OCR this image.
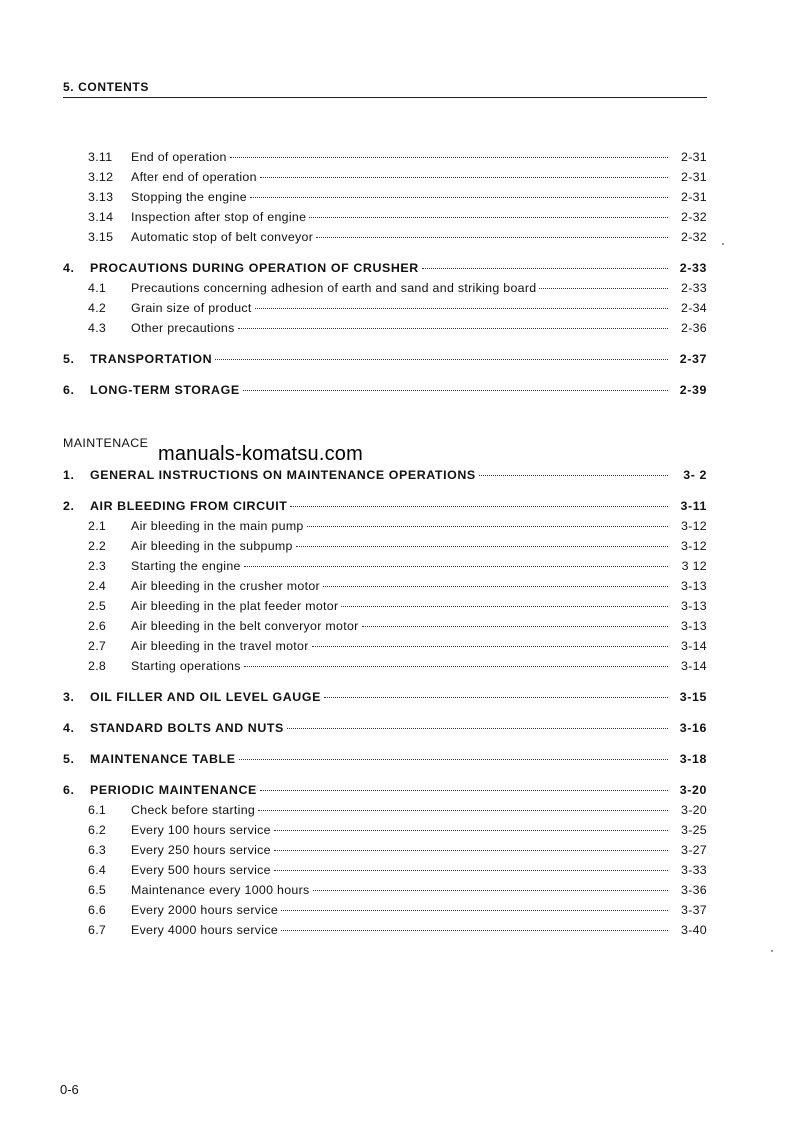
5. CONTENTS
3.11 End of operation	2-31
3.12 After end of operation	2-31
3.13 Stopping the engine	2-31
3.14 Inspection after stop of engine	2-32
3.15 Automatic stop of belt conveyor	2-32
4. PROCAUTIONS DURING OPERATION OF CRUSHER	2-33
4.1 Precautions concerning adhesion of earth and sand and striking board	2-33
4.2 Grain size of product	2-34
4.3 Other precautions	2-36
5. TRANSPORTATION	2-37
6. LONG-TERM STORAGE	2-39
MAINTENACE manuals-komatsu.com
1. GENERAL INSTRUCTIONS ON MAINTENANCE OPERATIONS	3- 2
2. AIR BLEEDING FROM CIRCUIT	3-11
2.1 Air bleeding in the main pump	3-12
2.2 Air bleeding in the subpump	3-12
2.3 Starting the engine	3 12
2.4 Air bleeding in the crusher motor	3-13
2.5 Air bleeding in the plat feeder motor	3-13
2.6 Air bleeding in the belt converyor motor	3-13
2.7 Air bleeding in the travel motor	3-14
2.8 Starting operations	3-14
3. OIL FILLER AND OIL LEVEL GAUGE	3-15
4. STANDARD BOLTS AND NUTS	3-16
5. MAINTENANCE TABLE	3-18
6. PERIODIC MAINTENANCE	3-20
6.1 Check before starting	3-20
6.2 Every 100 hours service	3-25
6.3 Every 250 hours service	3-27
6.4 Every 500 hours service	3-33
6.5 Maintenance every 1000 hours	3-36
6.6 Every 2000 hours service	3-37
6.7 Every 4000 hours service	3-40
0-6
